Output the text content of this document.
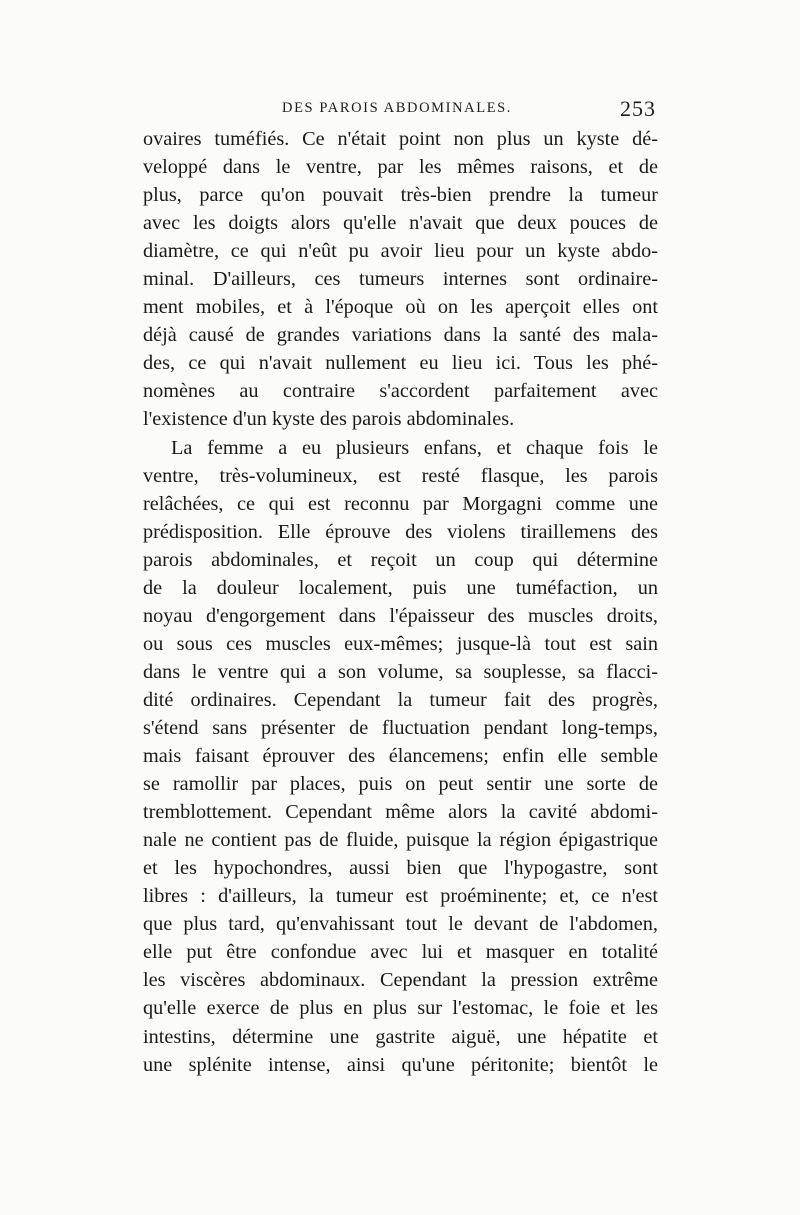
DES PAROIS ABDOMINALES.	253
ovaires tuméfiés. Ce n'était point non plus un kyste dé-
veloppé dans le ventre, par les mêmes raisons, et de
plus, parce qu'on pouvait très-bien prendre la tumeur
avec les doigts alors qu'elle n'avait que deux pouces de
diamètre, ce qui n'eût pu avoir lieu pour un kyste abdo-
minal. D'ailleurs, ces tumeurs internes sont ordinaire-
ment mobiles, et à l'époque où on les aperçoit elles ont
déjà causé de grandes variations dans la santé des mala-
des, ce qui n'avait nullement eu lieu ici. Tous les phé-
nomènes au contraire s'accordent parfaitement avec
l'existence d'un kyste des parois abdominales.
La femme a eu plusieurs enfans, et chaque fois le
ventre, très-volumineux, est resté flasque, les parois
relâchées, ce qui est reconnu par Morgagni comme une
prédisposition. Elle éprouve des violens tiraillemens des
parois abdominales, et reçoit un coup qui détermine
de la douleur localement, puis une tuméfaction, un
noyau d'engorgement dans l'épaisseur des muscles droits,
ou sous ces muscles eux-mêmes; jusque-là tout est sain
dans le ventre qui a son volume, sa souplesse, sa flacci-
dité ordinaires. Cependant la tumeur fait des progrès,
s'étend sans présenter de fluctuation pendant long-temps,
mais faisant éprouver des élancemens; enfin elle semble
se ramollir par places, puis on peut sentir une sorte de
tremblottement. Cependant même alors la cavité abdomi-
nale ne contient pas de fluide, puisque la région épigastrique
et les hypochondres, aussi bien que l'hypogastre, sont
libres : d'ailleurs, la tumeur est proéminente; et, ce n'est
que plus tard, qu'envahissant tout le devant de l'abdomen,
elle put être confondue avec lui et masquer en totalité
les viscères abdominaux. Cependant la pression extrême
qu'elle exerce de plus en plus sur l'estomac, le foie et les
intestins, détermine une gastrite aiguë, une hépatite et
une splénite intense, ainsi qu'une péritonite; bientôt le
